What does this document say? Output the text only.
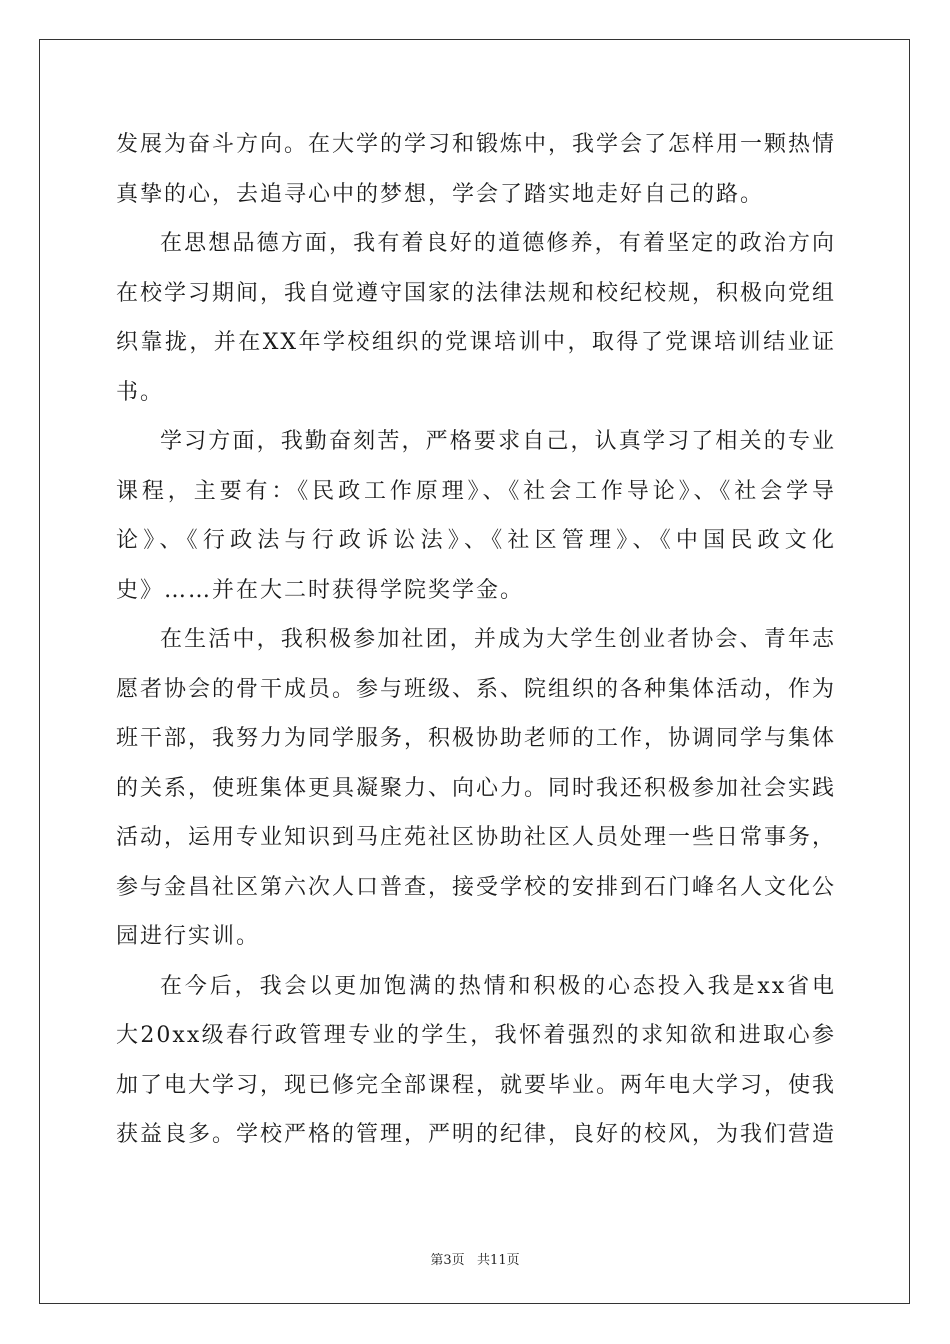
发展为奋斗方向。在大学的学习和锻炼中，我学会了怎样用一颗热情真挚的心，去追寻心中的梦想，学会了踏实地走好自己的路。

在思想品德方面，我有着良好的道德修养，有着坚定的政治方向在校学习期间，我自觉遵守国家的法律法规和校纪校规，积极向党组织靠拢，并在XX年学校组织的党课培训中，取得了党课培训结业证书。

学习方面，我勤奋刻苦，严格要求自己，认真学习了相关的专业课程，主要有：《民政工作原理》、《社会工作导论》、《社会学导论》、《行政法与行政诉讼法》、《社区管理》、《中国民政文化史》……并在大二时获得学院奖学金。

在生活中，我积极参加社团，并成为大学生创业者协会、青年志愿者协会的骨干成员。参与班级、系、院组织的各种集体活动，作为班干部，我努力为同学服务，积极协助老师的工作，协调同学与集体的关系，使班集体更具凝聚力、向心力。同时我还积极参加社会实践活动，运用专业知识到马庄苑社区协助社区人员处理一些日常事务，参与金昌社区第六次人口普查，接受学校的安排到石门峰名人文化公园进行实训。

在今后，我会以更加饱满的热情和积极的心态投入我是xx省电大20xx级春行政管理专业的学生，我怀着强烈的求知欲和进取心参加了电大学习，现已修完全部课程，就要毕业。两年电大学习，使我获益良多。学校严格的管理，严明的纪律，良好的校风，为我们营造

第3页   共11页
